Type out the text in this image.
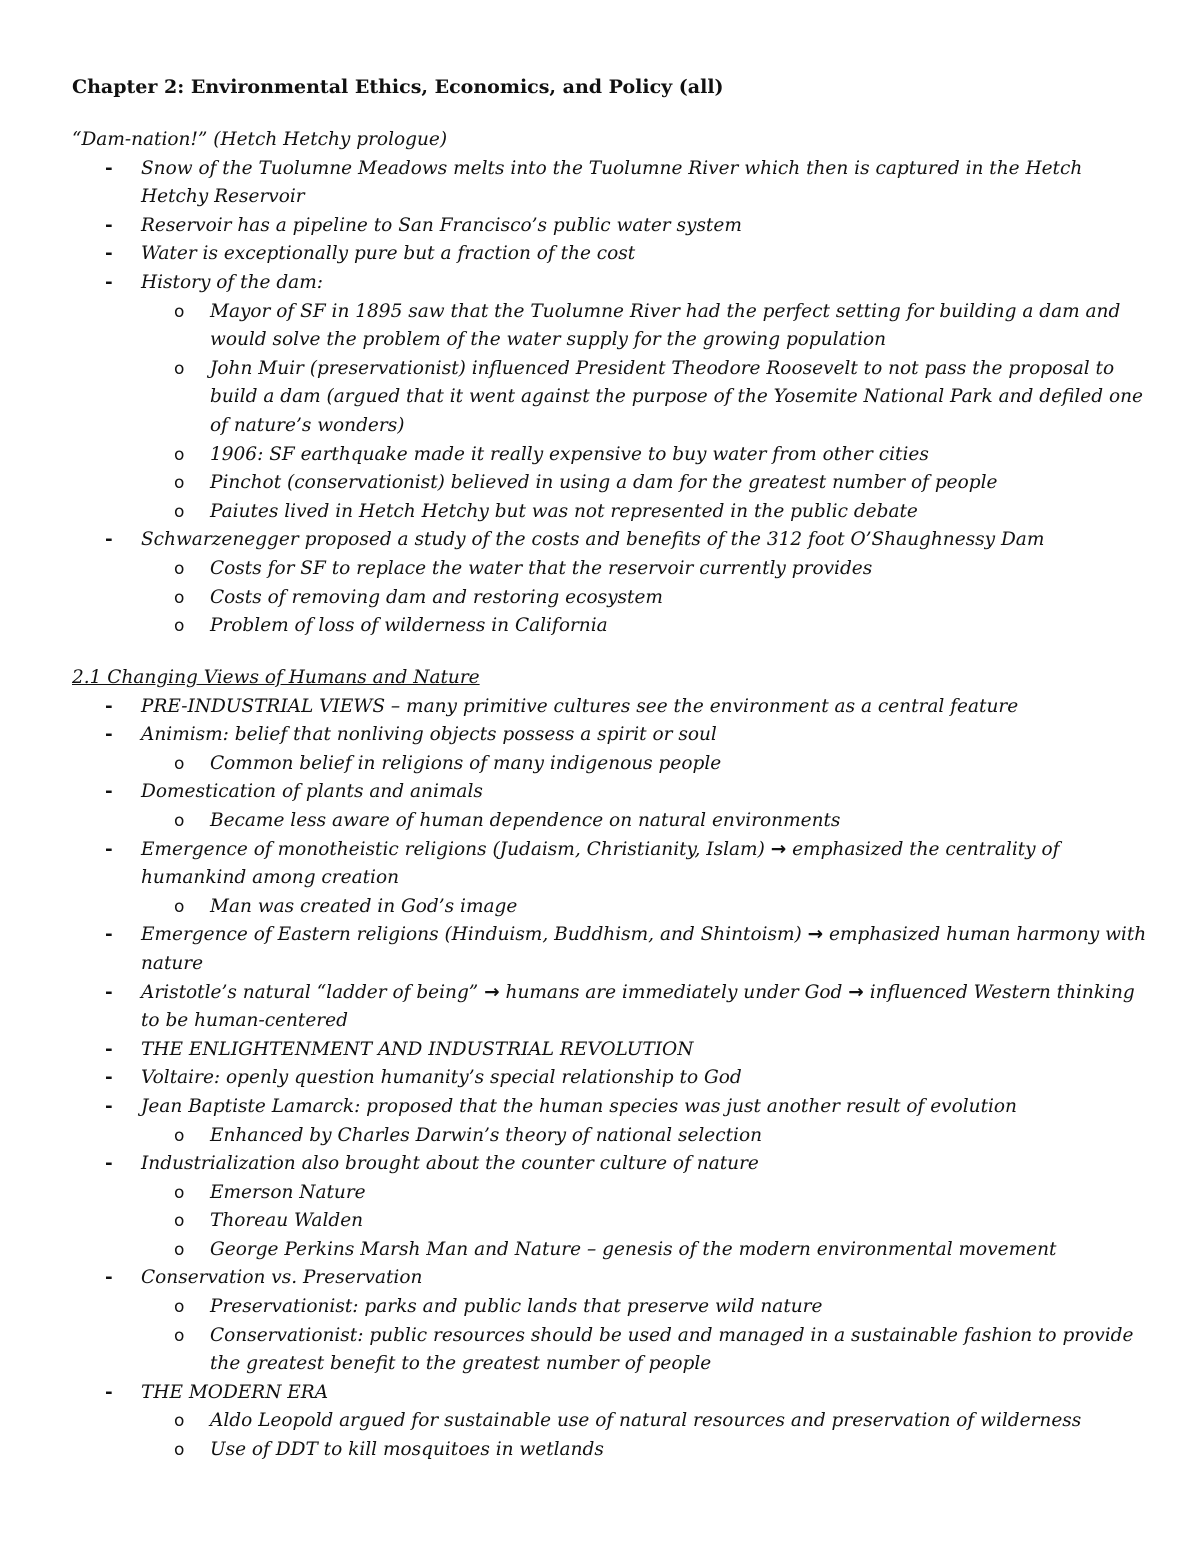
Chapter 2: Environmental Ethics, Economics, and Policy (all)

“Dam-nation!” (Hetch Hetchy prologue)

- Snow of the Tuolumne Meadows melts into the Tuolumne River which then is captured in the Hetch Hetchy Reservoir
- Reservoir has a pipeline to San Francisco’s public water system
- Water is exceptionally pure but a fraction of the cost
- History of the dam:
o Mayor of SF in 1895 saw that the Tuolumne River had the perfect setting for building a dam and would solve the problem of the water supply for the growing population
o John Muir (preservationist) influenced President Theodore Roosevelt to not pass the proposal to build a dam (argued that it went against the purpose of the Yosemite National Park and defiled one of nature’s wonders)
o 1906: SF earthquake made it really expensive to buy water from other cities
o Pinchot (conservationist) believed in using a dam for the greatest number of people
o Paiutes lived in Hetch Hetchy but was not represented in the public debate
- Schwarzenegger proposed a study of the costs and benefits of the 312 foot O’Shaughnessy Dam
o Costs for SF to replace the water that the reservoir currently provides
o Costs of removing dam and restoring ecosystem
o Problem of loss of wilderness in California

2.1 Changing Views of Humans and Nature

- PRE-INDUSTRIAL VIEWS – many primitive cultures see the environment as a central feature
- Animism: belief that nonliving objects possess a spirit or soul
o Common belief in religions of many indigenous people
- Domestication of plants and animals
o Became less aware of human dependence on natural environments
- Emergence of monotheistic religions (Judaism, Christianity, Islam) → emphasized the centrality of humankind among creation
o Man was created in God’s image
- Emergence of Eastern religions (Hinduism, Buddhism, and Shintoism) → emphasized human harmony with nature
- Aristotle’s natural “ladder of being” → humans are immediately under God → influenced Western thinking to be human-centered
- THE ENLIGHTENMENT AND INDUSTRIAL REVOLUTION
- Voltaire: openly question humanity’s special relationship to God
- Jean Baptiste Lamarck: proposed that the human species was just another result of evolution
o Enhanced by Charles Darwin’s theory of national selection
- Industrialization also brought about the counter culture of nature
o Emerson Nature
o Thoreau Walden
o George Perkins Marsh Man and Nature – genesis of the modern environmental movement
- Conservation vs. Preservation
o Preservationist: parks and public lands that preserve wild nature
o Conservationist: public resources should be used and managed in a sustainable fashion to provide the greatest benefit to the greatest number of people
- THE MODERN ERA
o Aldo Leopold argued for sustainable use of natural resources and preservation of wilderness
o Use of DDT to kill mosquitoes in wetlands
